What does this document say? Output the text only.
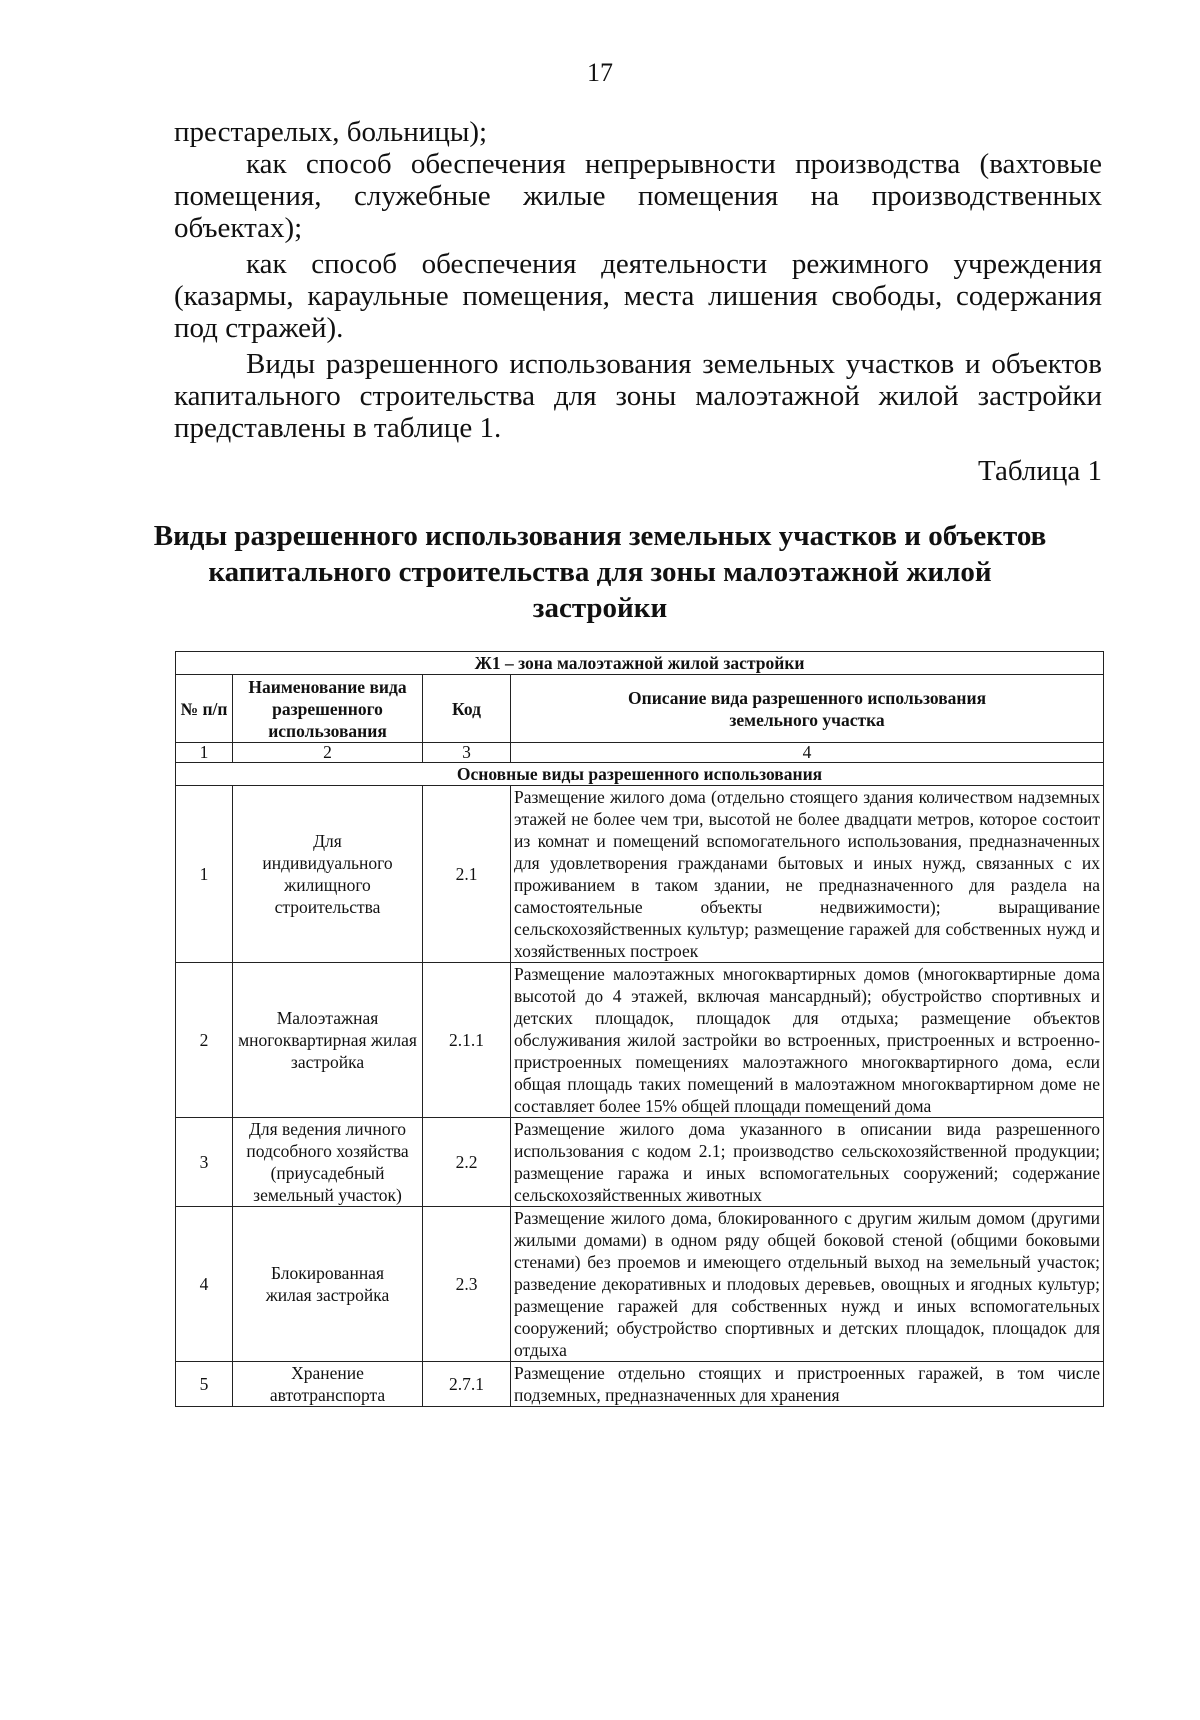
17

престарелых, больницы);

как способ обеспечения непрерывности производства (вахтовые помещения, служебные жилые помещения на производственных объектах);

как способ обеспечения деятельности режимного учреждения (казармы, караульные помещения, места лишения свободы, содержания под стражей).

Виды разрешенного использования земельных участков и объектов капитального строительства для зоны малоэтажной жилой застройки представлены в таблице 1.

Таблица 1
Виды разрешенного использования земельных участков и объектов капитального строительства для зоны малоэтажной жилой застройки
Ж1 – зона малоэтажной жилой застройки			
№ п/п	Наименование вида разрешенного использования	Код	Описание вида разрешенного использования земельного участка
1	2	3	4
Основные виды разрешенного использования			
1	Для индивидуального жилищного строительства	2.1	Размещение жилого дома (отдельно стоящего здания количеством надземных этажей не более чем три, высотой не более двадцати метров, которое состоит из комнат и помещений вспомогательного использования, предназначенных для удовлетворения гражданами бытовых и иных нужд, связанных с их проживанием в таком здании, не предназначенного для раздела на самостоятельные объекты недвижимости); выращивание сельскохозяйственных культур; размещение гаражей для собственных нужд и хозяйственных построек
2	Малоэтажная многоквартирная жилая застройка	2.1.1	Размещение малоэтажных многоквартирных домов (многоквартирные дома высотой до 4 этажей, включая мансардный); обустройство спортивных и детских площадок, площадок для отдыха; размещение объектов обслуживания жилой застройки во встроенных, пристроенных и встроенно-пристроенных помещениях малоэтажного многоквартирного дома, если общая площадь таких помещений в малоэтажном многоквартирном доме не составляет более 15% общей площади помещений дома
3	Для ведения личного подсобного хозяйства (приусадебный земельный участок)	2.2	Размещение жилого дома указанного в описании вида разрешенного использования с кодом 2.1; производство сельскохозяйственной продукции; размещение гаража и иных вспомогательных сооружений; содержание сельскохозяйственных животных
4	Блокированная жилая застройка	2.3	Размещение жилого дома, блокированного с другим жилым домом (другими жилыми домами) в одном ряду общей боковой стеной (общими боковыми стенами) без проемов и имеющего отдельный выход на земельный участок; разведение декоративных и плодовых деревьев, овощных и ягодных культур; размещение гаражей для собственных нужд и иных вспомогательных сооружений; обустройство спортивных и детских площадок, площадок для отдыха
5	Хранение автотранспорта	2.7.1	Размещение отдельно стоящих и пристроенных гаражей, в том числе подземных, предназначенных для хранения
